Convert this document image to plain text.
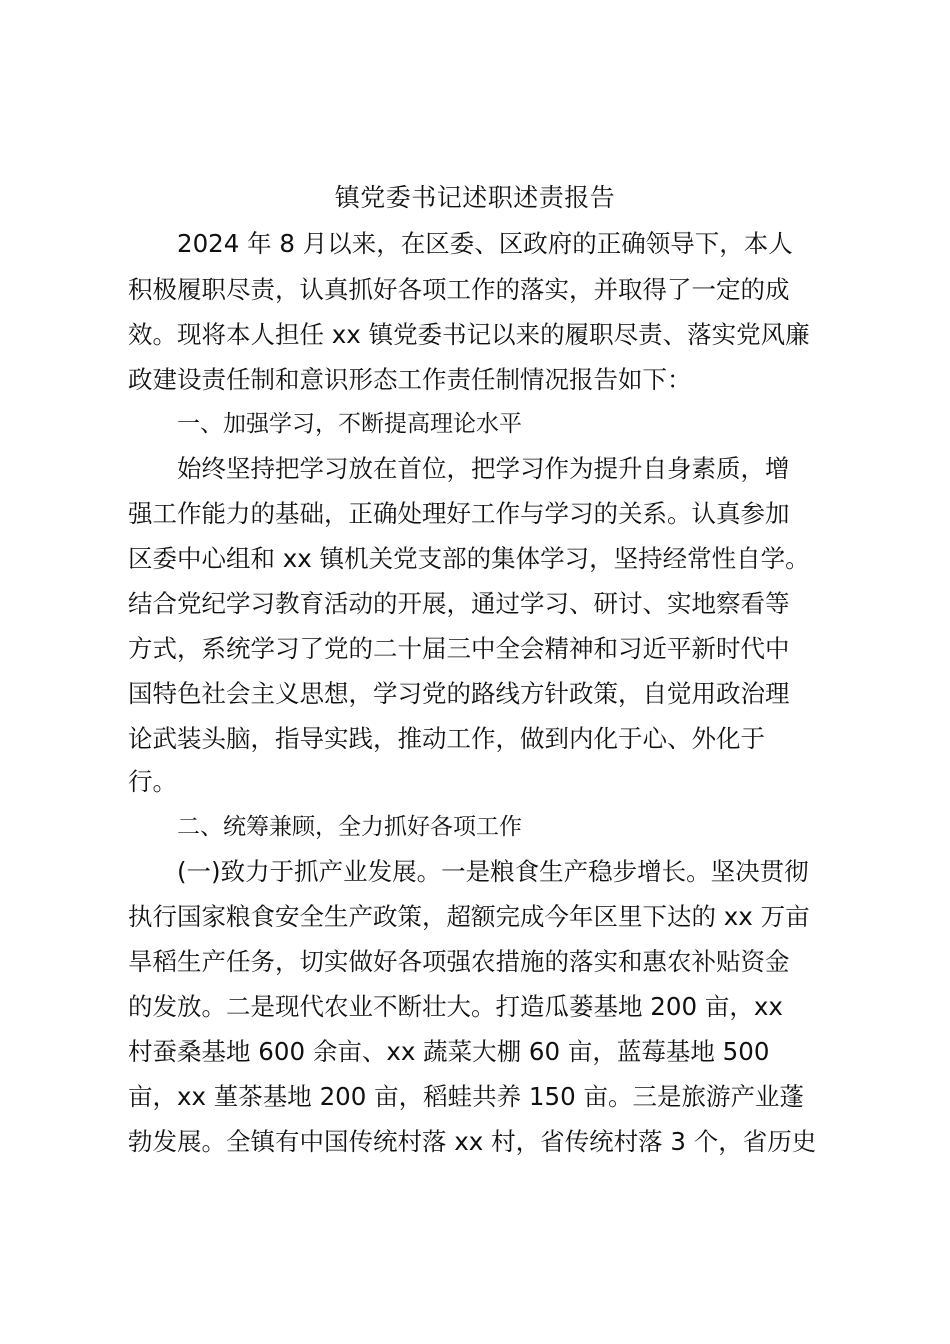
镇党委书记述职述责报告
2024 年 8 月以来，在区委、区政府的正确领导下，本人
积极履职尽责，认真抓好各项工作的落实，并取得了一定的成
效。现将本人担任 xx 镇党委书记以来的履职尽责、落实党风廉
政建设责任制和意识形态工作责任制情况报告如下：
一、加强学习，不断提高理论水平
始终坚持把学习放在首位，把学习作为提升自身素质，增
强工作能力的基础，正确处理好工作与学习的关系。认真参加
区委中心组和 xx 镇机关党支部的集体学习，坚持经常性自学。
结合党纪学习教育活动的开展，通过学习、研讨、实地察看等
方式，系统学习了党的二十届三中全会精神和习近平新时代中
国特色社会主义思想，学习党的路线方针政策，自觉用政治理
论武装头脑，指导实践，推动工作，做到内化于心、外化于
行。
二、统筹兼顾，全力抓好各项工作
(一)致力于抓产业发展。一是粮食生产稳步增长。坚决贯彻
执行国家粮食安全生产政策，超额完成今年区里下达的 xx 万亩
旱稻生产任务，切实做好各项强农措施的落实和惠农补贴资金
的发放。二是现代农业不断壮大。打造瓜蒌基地 200 亩，xx
村蚕桑基地 600 余亩、xx 蔬菜大棚 60 亩，蓝莓基地 500
亩，xx 堇茶基地 200 亩，稻蛙共养 150 亩。三是旅游产业蓬
勃发展。全镇有中国传统村落 xx 村，省传统村落 3 个，省历史
